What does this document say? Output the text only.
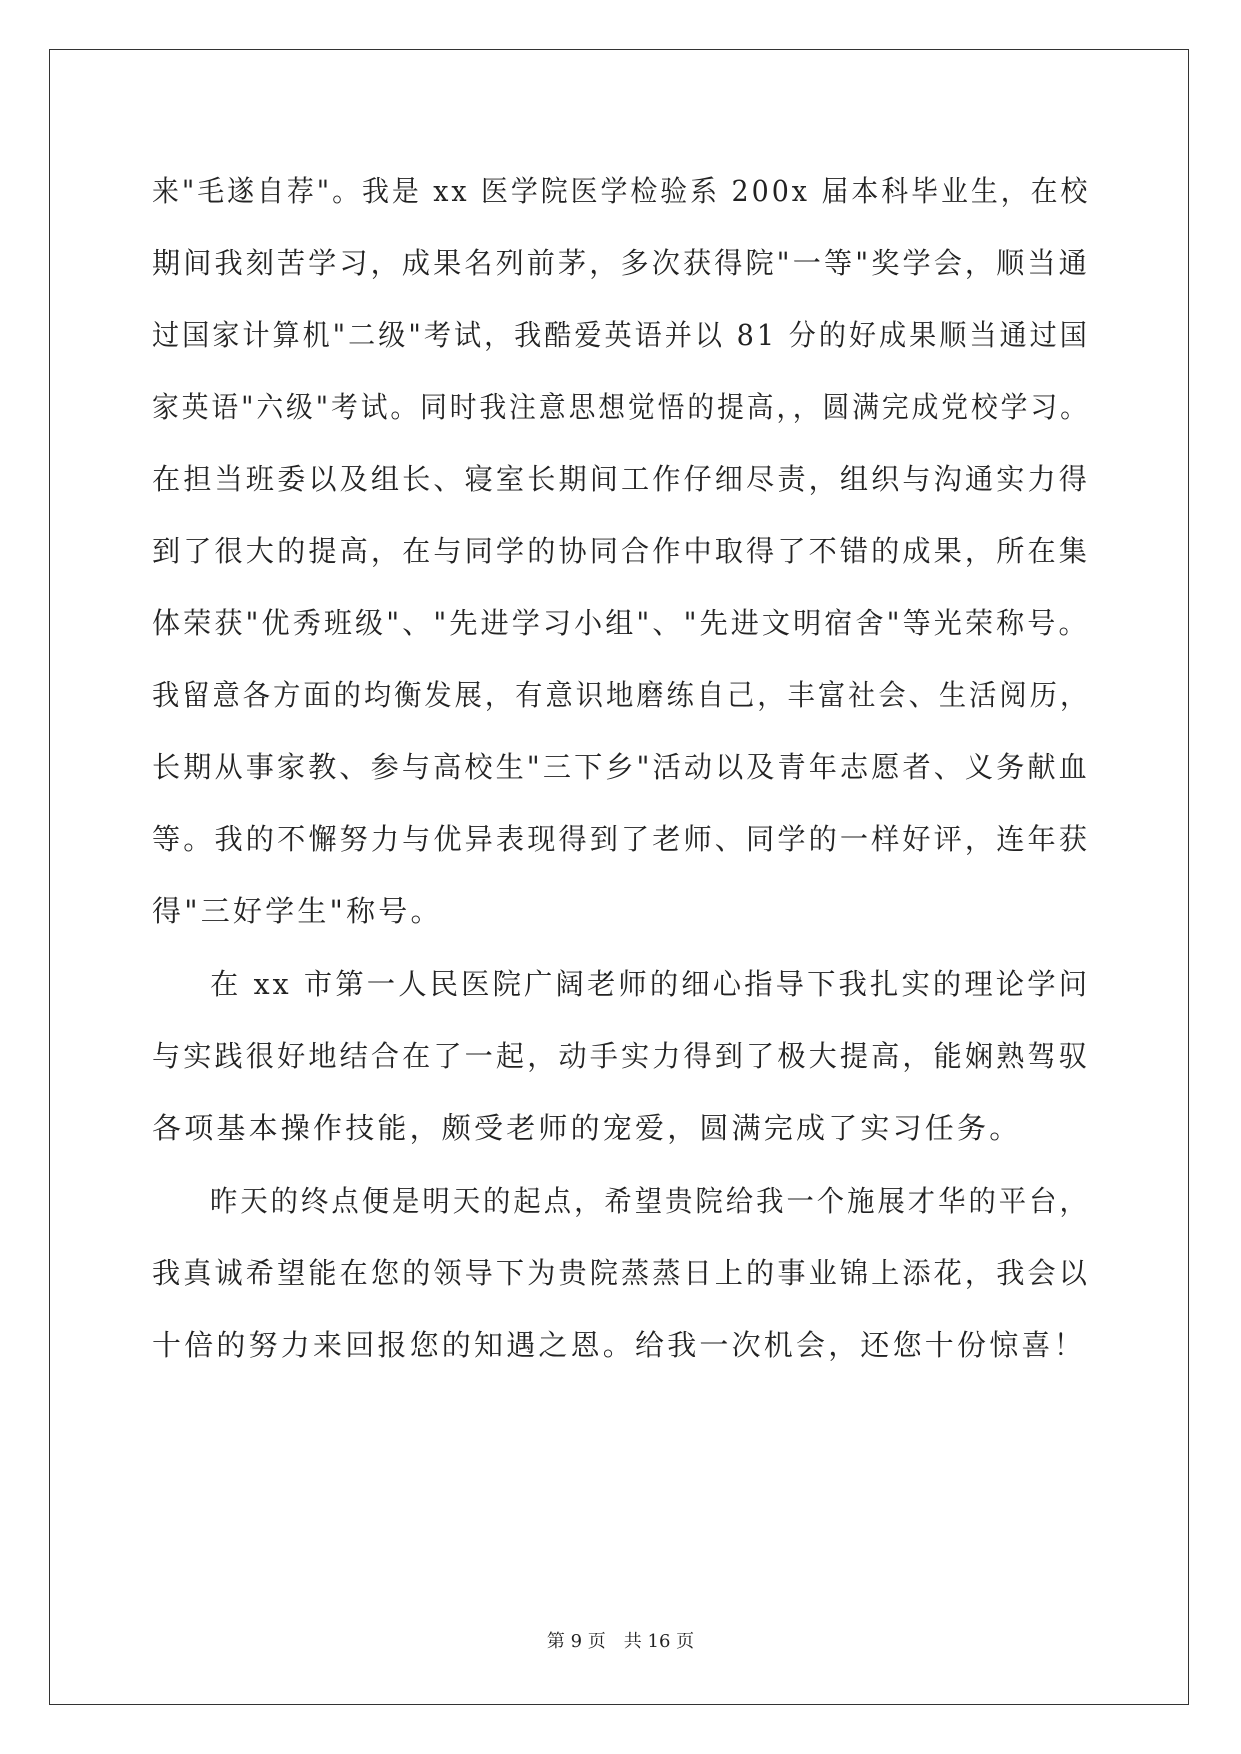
来"毛遂自荐"。我是 xx 医学院医学检验系 200x 届本科毕业生，在校
期间我刻苦学习，成果名列前茅，多次获得院"一等"奖学会，顺当通
过国家计算机"二级"考试，我酷爱英语并以 81 分的好成果顺当通过国
家英语"六级"考试。同时我注意思想觉悟的提高，，圆满完成党校学习。
在担当班委以及组长、寝室长期间工作仔细尽责，组织与沟通实力得
到了很大的提高，在与同学的协同合作中取得了不错的成果，所在集
体荣获"优秀班级"、"先进学习小组"、"先进文明宿舍"等光荣称号。
我留意各方面的均衡发展，有意识地磨练自己，丰富社会、生活阅历，
长期从事家教、参与高校生"三下乡"活动以及青年志愿者、义务献血
等。我的不懈努力与优异表现得到了老师、同学的一样好评，连年获
得"三好学生"称号。
在 xx 市第一人民医院广阔老师的细心指导下我扎实的理论学问
与实践很好地结合在了一起，动手实力得到了极大提高，能娴熟驾驭
各项基本操作技能，颇受老师的宠爱，圆满完成了实习任务。
昨天的终点便是明天的起点，希望贵院给我一个施展才华的平台，
我真诚希望能在您的领导下为贵院蒸蒸日上的事业锦上添花，我会以
十倍的努力来回报您的知遇之恩。给我一次机会，还您十份惊喜！
第 9 页　共 16 页
